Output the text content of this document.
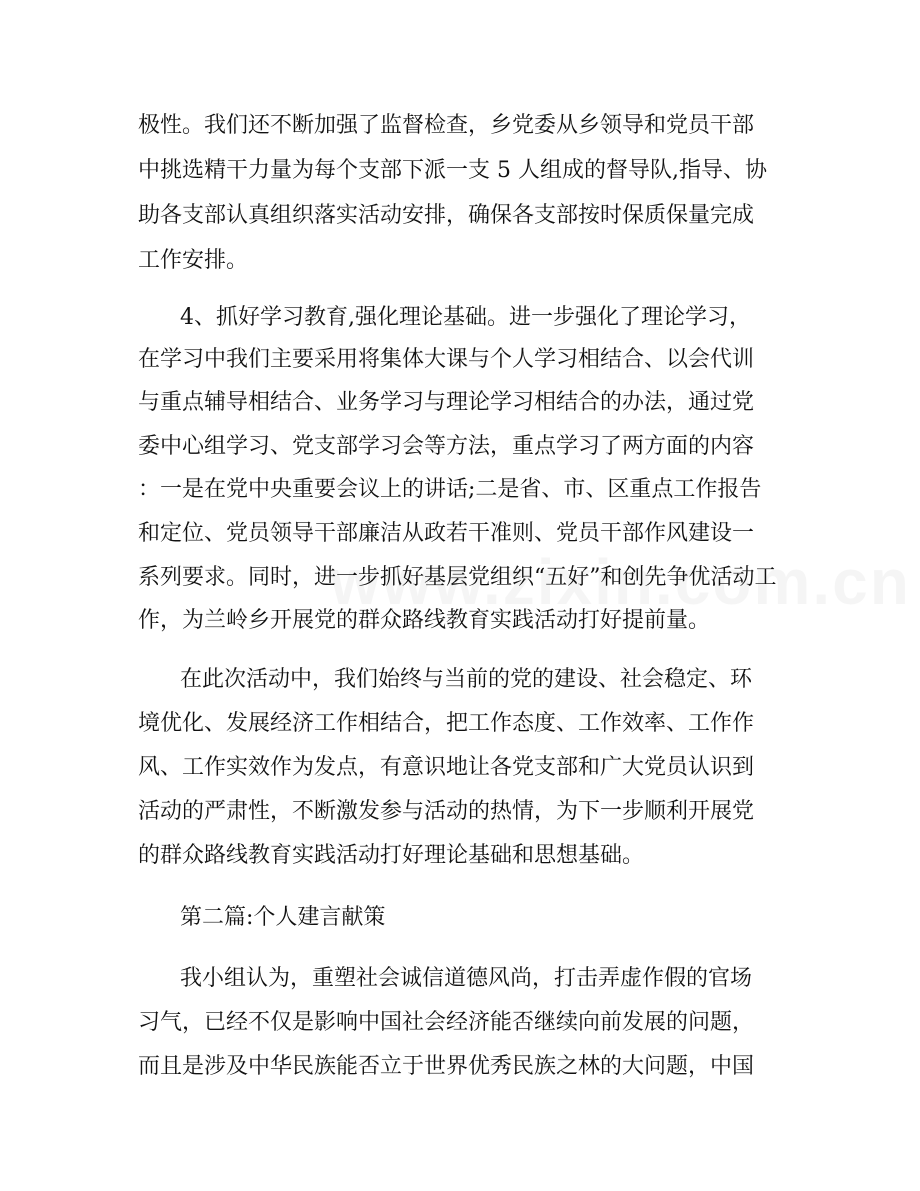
极性。我们还不断加强了监督检查，乡党委从乡领导和党员干部
中挑选精干力量为每个支部下派一支 5 人组成的督导队,指导、协
助各支部认真组织落实活动安排，确保各支部按时保质保量完成
工作安排。
4、抓好学习教育,强化理论基础。进一步强化了理论学习，
在学习中我们主要采用将集体大课与个人学习相结合、以会代训
与重点辅导相结合、业务学习与理论学习相结合的办法，通过党
委中心组学习、党支部学习会等方法，重点学习了两方面的内容
：一是在党中央重要会议上的讲话;二是省、市、区重点工作报告
和定位、党员领导干部廉洁从政若干准则、党员干部作风建设一
系列要求。同时，进一步抓好基层党组织“五好”和创先争优活动工
作，为兰岭乡开展党的群众路线教育实践活动打好提前量。
在此次活动中，我们始终与当前的党的建设、社会稳定、环
境优化、发展经济工作相结合，把工作态度、工作效率、工作作
风、工作实效作为发点，有意识地让各党支部和广大党员认识到
活动的严肃性，不断激发参与活动的热情，为下一步顺利开展党
的群众路线教育实践活动打好理论基础和思想基础。
第二篇:个人建言献策
我小组认为，重塑社会诚信道德风尚，打击弄虚作假的官场
习气，已经不仅是影响中国社会经济能否继续向前发展的问题，
而且是涉及中华民族能否立于世界优秀民族之林的大问题，中国
